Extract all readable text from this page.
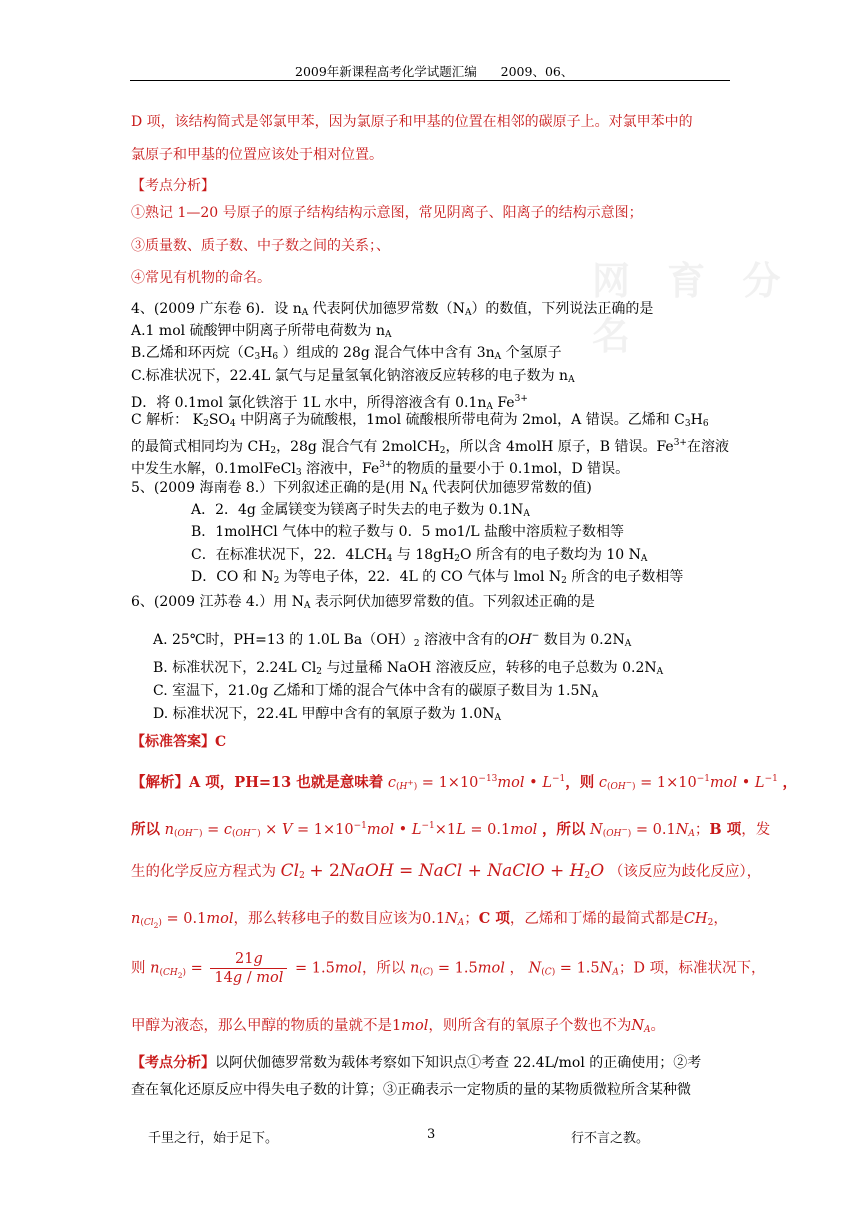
网 育 分 名
2009年新课程高考化学试题汇编 2009、06、
D 项，该结构简式是邻氯甲苯，因为氯原子和甲基的位置在相邻的碳原子上。对氯甲苯中的
氯原子和甲基的位置应该处于相对位置。
【考点分析】
①熟记 1—20 号原子的原子结构结构示意图，常见阴离子、阳离子的结构示意图；
③质量数、质子数、中子数之间的关系；、
④常见有机物的命名。
4、(2009 广东卷 6)．设 $n_A$ 代表阿伏加德罗常数$(N_A)$的数值，下列说法正确的是
A.1 mol 硫酸钾中阴离子所带电荷数为 $n_A$
B.乙烯和环丙烷（$C_3H_6$ ）组成的 28g 混合气体中含有 $3n_A$ 个氢原子
C.标准状况下，22.4L 氯气与足量氢氧化钠溶液反应转移的电子数为 $n_A$
D．将 0.1mol 氯化铁溶于 1L 水中，所得溶液含有 $0.1n_A$ $Fe^{3+}$
C 解析： $K_2SO_4$ 中阴离子为硫酸根，1mol 硫酸根所带电荷为 2mol，A 错误。乙烯和 $C_3H_6$
的最简式相同均为 $CH_2$，28g 混合气有 2molCH$_2$，所以含 4molH 原子，B 错误。$Fe^{3+}$在溶液
中发生水解，0.1molFeCl$_3$ 溶液中，$Fe^{3+}$的物质的量要小于 0.1mol，D 错误。
5、(2009 海南卷 8.）下列叙述正确的是(用 $N_A$ 代表阿伏加德罗常数的值)
A．2．4g 金属镁变为镁离子时失去的电子数为 $0.1N_A$
B．1molHCl 气体中的粒子数与 0．5 mo1/L 盐酸中溶质粒子数相等
C．在标准状况下，22．$4LCH_4$ 与 $18gH_2O$ 所含有的电子数均为 10 $N_A$
D．CO 和 $N_2$ 为等电子体，22．4L 的 CO 气体与 lmol $N_2$ 所含的电子数相等
6、(2009 江苏卷 4.）用 $N_A$ 表示阿伏加德罗常数的值。下列叙述正确的是
A. 25℃时，PH=13 的 1.0L $Ba(OH)_2$ 溶液中含有的OH− 数目为 $0.2N_A$
B. 标准状况下，2.24L $Cl_2$ 与过量稀 NaOH 溶液反应，转移的电子总数为 $0.2N_A$
C. 室温下，21.0g 乙烯和丁烯的混合气体中含有的碳原子数目为 $1.5N_A$
D. 标准状况下，22.4L 甲醇中含有的氧原子数为 $1.0N_A$
【标准答案】C
【解析】A 项，PH=13 也就是意味着 $c_{(H^+)} = 1\times 10^{-13}mol$ • $L^{-1}$，则 $c_{(OH^-)} = 1\times 10^{-1}mol$ • $L^{-1}$ ，
所以 $n_{(OH^-)} = c_{(OH^-)} \times V = 1\times 10^{-1}mol$ • $L^{-1}\times 1L = 0.1mol$ ，所以 $N_{(OH^-)} = 0.1N_A$；B 项，发
生的化学反应方程式为 $Cl_2$ + 2NaOH = NaCl + NaClO + $H_2O$ （该反应为歧化反应），
$n_{(Cl_2)} = 0.1mol$，那么转移电子的数目应该为$0.1N_A$；C 项，乙烯和丁烯的最简式都是$CH_2$，
则 $n_{(CH_2)} = \frac{21g}{\text{14g / mol}} = 1.5mol$，所以 $n_{(C)} = 1.5mol$ ， $N_{(C)} = 1.5N_A$；D 项，标准状况下，
甲醇为液态，那么甲醇的物质的量就不是1mol，则所含有的氧原子个数也不为$N_A$。
【考点分析】以阿伏伽德罗常数为载体考察如下知识点①考查 22.4L/mol 的正确使用；②考
查在氧化还原反应中得失电子数的计算；③正确表示一定物质的量的某物质微粒所含某种微
千里之行，始于足下。	3	行不言之教。
